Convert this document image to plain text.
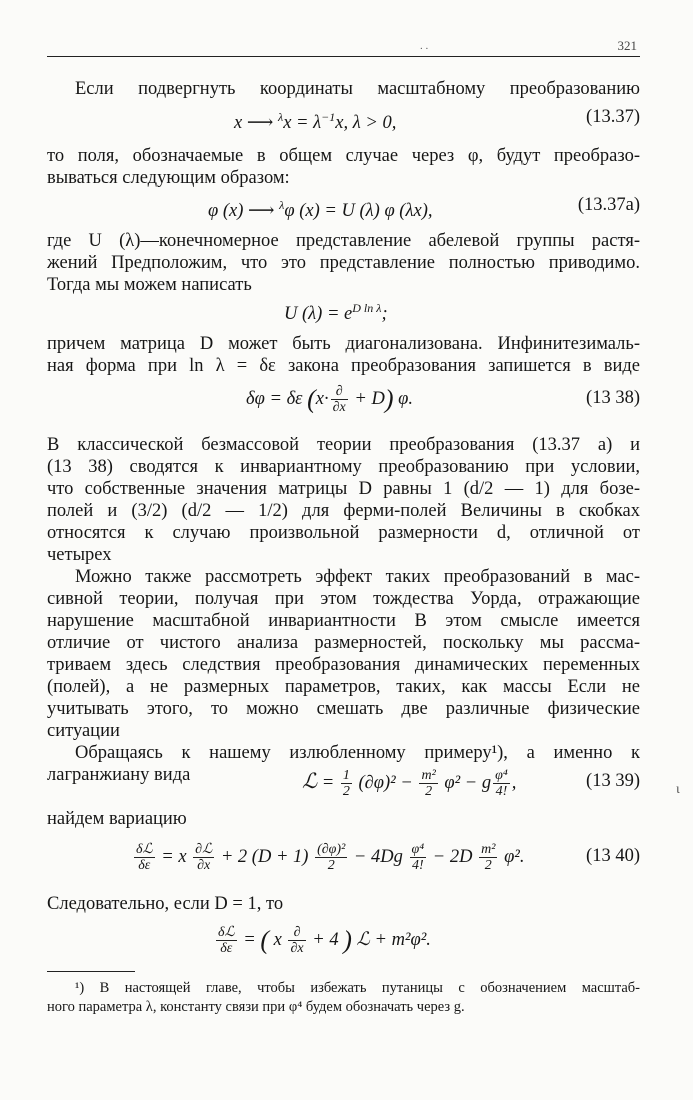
. .	321
Если подвергнуть координаты масштабному преобразованию
x ⟶ $^\lambda x = \lambda^{-1}x$, λ > 0,	(13.37)
то поля, обозначаемые в общем случае через φ, будут преобразо-
вываться следующим образом:
φ (x) ⟶ $^\lambda$φ (x) = U (λ) φ (λx),	(13.37a)
где U (λ)—конечномерное представление абелевой группы растя-
жений Предположим, что это представление полностью приводимо.
Тогда мы можем написать
U $(\lambda) = e^{D ln \lambda}$;
причем матрица D может быть диагонализована. Инфинитезималь-
ная форма при ln λ = δε закона преобразования запишется в виде
δφ = δε $(x\cdot \frac{\partial}{\partial x} + D)$ φ.	(13 38)
В классической безмассовой теории преобразования (13.37 а) и
(13 38) сводятся к инвариантному преобразованию при условии,
что собственные значения матрицы D равны 1 (d/2 — 1) для бозе-
полей и (3/2) (d/2 — 1/2) для ферми-полей Величины в скобках
относятся к случаю произвольной размерности d, отличной от
четырех
Можно также рассмотреть эффект таких преобразований в мас-
сивной теории, получая при этом тождества Уорда, отражающие
нарушение масштабной инвариантности В этом смысле имеется
отличие от чистого анализа размерностей, поскольку мы рассма-
триваем здесь следствия преобразования динамических переменных
(полей), а не размерных параметров, таких, как массы Если не
учитывать этого, то можно смешать две различные физические
ситуации
Обращаясь к нашему излюбленному примеру¹), а именно к
лагранжиану вида	ℒ = $\frac{1}{2} (\partial\varphi)^2 - \frac{\text{m²}}{2} \varphi^2 - g \frac{\text{φ⁴}}{4!}$ ,	(13 39)	ι
найдем вариацию
$\frac{\text{δℒ}}{\delta\varepsilon} = x \frac{\text{∂ℒ}}{\partial x} + 2$ $(D + 1) \frac{\text{(∂φ)²}}{2} - 4Dg \frac{\text{φ⁴}}{4!} - 2D \frac{\text{m²}}{2} \varphi^2$.	(13 40)
Следовательно, если D = 1, то
$\frac{\text{δℒ}}{\delta\varepsilon}$ = ( x $\frac{\partial}{\partial x} + 4$ ) ℒ + m²φ².
¹) В настоящей главе, чтобы избежать путаницы с обозначением масштаб-
ного параметра λ, константу связи при φ⁴ будем обозначать через g.
